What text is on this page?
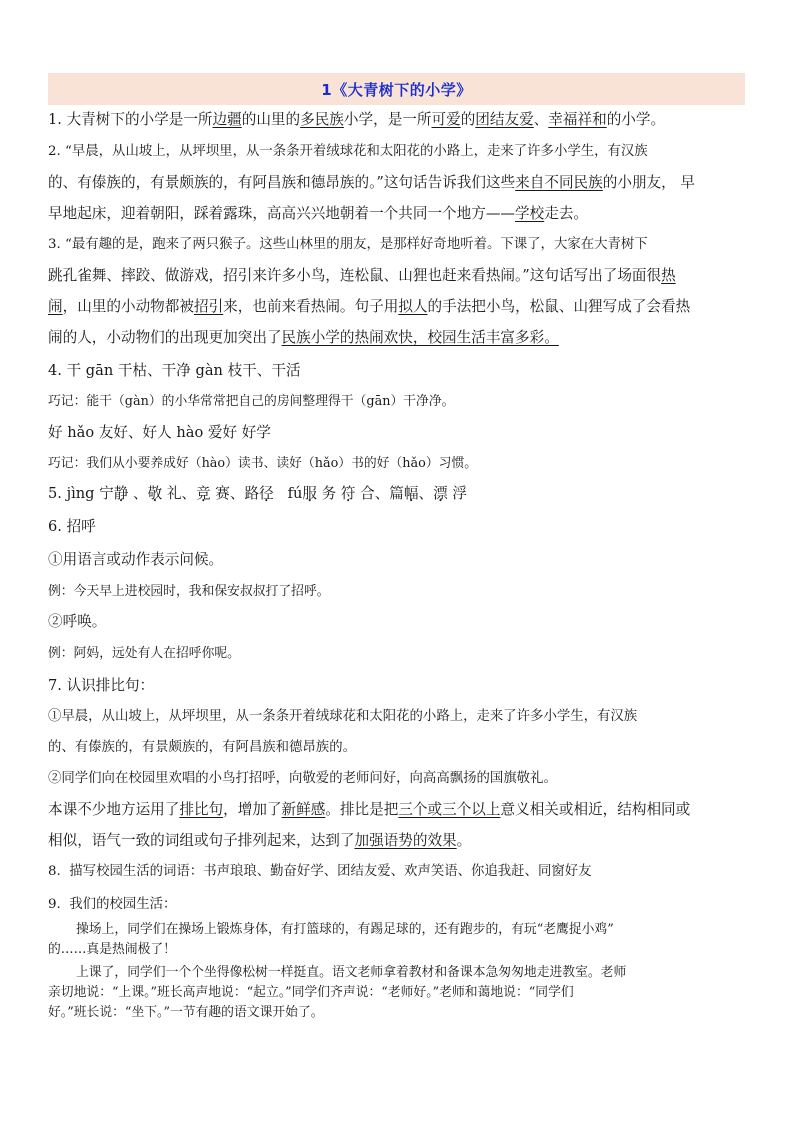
1《大青树下的小学》
1. 大青树下的小学是一所边疆的山里的多民族小学，是一所可爱的团结友爱、幸福祥和的小学。
2. “早晨，从山坡上，从坪坝里，从一条条开着绒球花和太阳花的小路上，走来了许多小学生，有汉族
的、有傣族的，有景颇族的，有阿昌族和德昂族的。”这句话告诉我们这些来自不同民族的小朋友， 早
早地起床，迎着朝阳，踩着露珠，高高兴兴地朝着一个共同一个地方——学校走去。
3. “最有趣的是，跑来了两只猴子。这些山林里的朋友，是那样好奇地听着。下课了，大家在大青树下
跳孔雀舞、摔跤、做游戏，招引来许多小鸟，连松鼠、山狸也赶来看热闹。”这句话写出了场面很热
闹，山里的小动物都被招引来，也前来看热闹。句子用拟人的手法把小鸟，松鼠、山狸写成了会看热
闹的人，小动物们的出现更加突出了民族小学的热闹欢快，校园生活丰富多彩。
4. 干 gān 干枯、干净 gàn 枝干、干活
巧记：能干（gàn）的小华常常把自己的房间整理得干（gān）干净净。
好 hǎo 友好、好人 hào 爱好 好学
巧记：我们从小要养成好（hào）读书、读好（hǎo）书的好（hǎo）习惯。
5. jìng 宁静 、敬 礼、竞 赛、路径   fú服 务 符 合、篇幅、漂 浮
6. 招呼
①用语言或动作表示问候。
例：今天早上进校园时，我和保安叔叔打了招呼。
②呼唤。
例：阿妈，远处有人在招呼你呢。
7. 认识排比句：
①早晨，从山坡上，从坪坝里，从一条条开着绒球花和太阳花的小路上，走来了许多小学生，有汉族
的、有傣族的，有景颇族的，有阿昌族和德昂族的。
②同学们向在校园里欢唱的小鸟打招呼，向敬爱的老师问好，向高高飘扬的国旗敬礼。
本课不少地方运用了排比句，增加了新鲜感。排比是把三个或三个以上意义相关或相近，结构相同或
相似，语气一致的词组或句子排列起来，达到了加强语势的效果。
8.  描写校园生活的词语：书声琅琅、勤奋好学、团结友爱、欢声笑语、你追我赶、同窗好友
9.  我们的校园生活：
操场上，同学们在操场上锻炼身体，有打篮球的，有踢足球的，还有跑步的，有玩“老鹰捉小鸡”
的……真是热闹极了！
上课了，同学们一个个坐得像松树一样挺直。语文老师拿着教材和备课本急匆匆地走进教室。老师
亲切地说：“上课。”班长高声地说：“起立。”同学们齐声说：“老师好。”老师和蔼地说：“同学们
好。”班长说：“坐下。”一节有趣的语文课开始了。
